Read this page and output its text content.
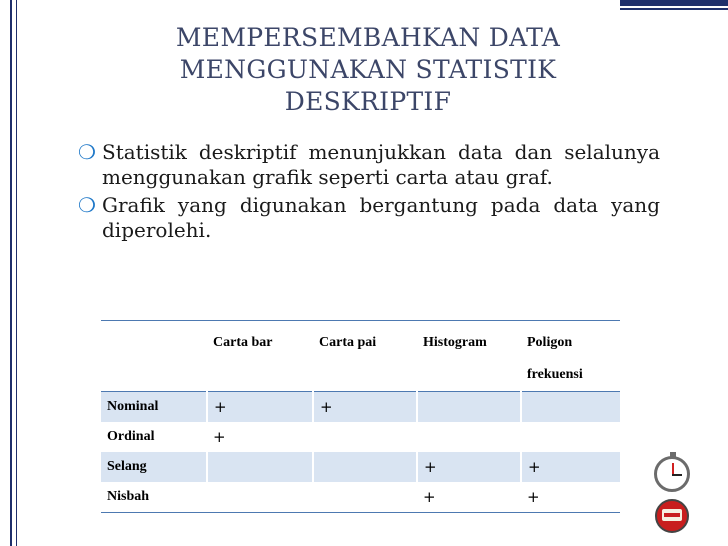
MEMPERSEMBAHKAN DATA
MENGGUNAKAN STATISTIK
DESKRIPTIF
❍ Statistik deskriptif menunjukkan data dan selalunya menggunakan grafik seperti carta atau graf.
❍ Grafik yang digunakan bergantung pada data yang diperolehi.

	Carta bar	Carta pai	Histogram	Poligon frekuensi
Nominal	+	+		
Ordinal	+			
Selang			+	+
Nisbah			+	+
